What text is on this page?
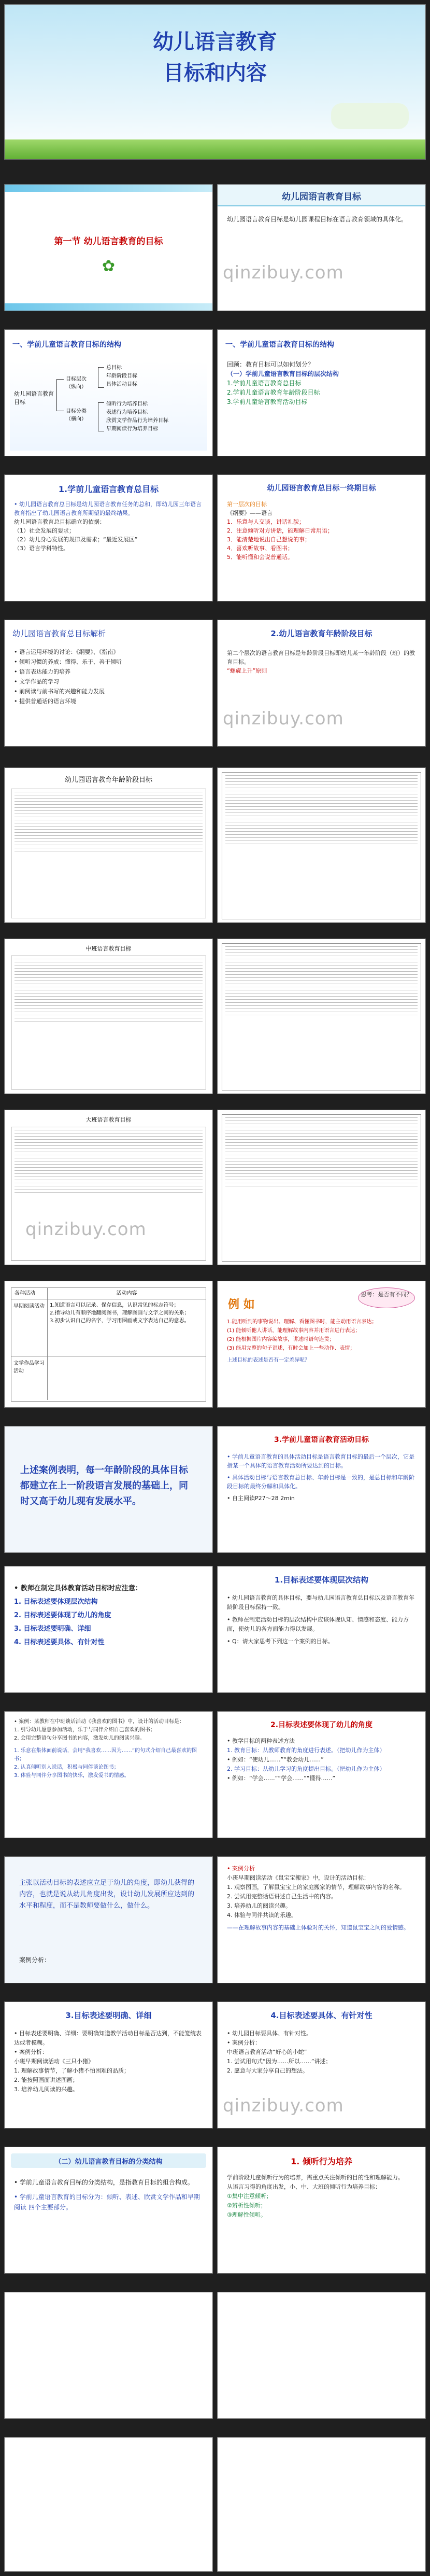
幼儿语言教育
目标和内容
第一节 幼儿语言教育的目标
✿
幼儿园语言教育目标
幼儿园语言教育目标是幼儿园课程目标在语言教育领域的具体化。
qinzibuy.com
一、学前儿童语言教育目标的结构
幼儿园语言教育目标
目标层次（纵向）
目标分类（横向）
总目标
年龄阶段目标
具体活动目标
倾听行为培养目标
表述行为培养目标
欣赏文学作品行为培养目标
早期阅读行为培养目标
一、学前儿童语言教育目标的结构
回顾：教育目标可以如何划分？
（一）学前儿童语言教育目标的层次结构
1.学前儿童语言教育总目标
2.学前儿童语言教育年龄阶段目标
3.学前儿童语言教育活动目标
1.学前儿童语言教育总目标
• 幼儿园语言教育总目标是幼儿园语言教育任务的总和，即幼儿园三年语言教育指出了幼儿园语言教育所期望的最终结果。
幼儿园语言教育总目标确立的依据：
（1）社会发展的要求；
（2）幼儿身心发展的规律及需求；“最近发展区”
（3）语言学科特性。
幼儿园语言教育总目标一终期目标
第一层次的目标
《纲要》——语言
1．乐意与人交谈，讲话礼貌；
2．注意倾听对方讲话，能理解日常用语；
3．能清楚地说出自己想说的事；
4．喜欢听故事、看图书；
5．能听懂和会说普通话。
幼儿园语言教育总目标解析
• 语言运用环境的讨论：《纲要》、《指南》
• 倾听习惯的养成：懂得、乐于、善于倾听
• 语言表达能力的培养
• 文学作品的学习
• 前阅读与前书写的兴趣和能力发展
• 提供普通话的语言环境
2.幼儿语言教育年龄阶段目标
第二个层次的语言教育目标是年龄阶段目标即幼儿某一年龄阶段（班）的教育目标。
“螺旋上升”原则
qinzibuy.com
幼儿园语言教育年龄阶段目标
中班语言教育目标
大班语言教育目标
qinzibuy.com
各种活动	活动内容
早期阅读活动	1.知道语言可以记录、保存信息，认识常见的标志符号；
2.指导幼儿有顺序地翻阅图书，理解图画与文字之间的关系；
3.初步认识自己的名字，学习用图画或文字表达自己的意思。
文学作品学习活动
思考：是否有不同？
例 如
1.能用听到的事物说出、理解、看懂图书时，能主动用语言表达；
(1) 能倾听他人讲话，能理解故事内容并用语言进行表达；
(2) 能根据图片内容编故事，讲述时语句连贯；
(3) 能用完整的句子讲述，有时会加上一些动作、表情；
上述目标的表述是否有一定差异呢？
上述案例表明，每一年龄阶段的具体目标都建立在上一阶段语言发展的基础上，同时又高于幼儿现有发展水平。
3.学前儿童语言教育活动目标
• 学前儿童语言教育的具体活动目标是语言教育目标的最后一个层次，它是指某一个具体的语言教育活动所要达到的目标。
• 具体活动目标与语言教育总目标、年龄目标是一致的，是总目标和年龄阶段目标的最终分解和具体化。
• 自主阅读P27～28 2min
• 教师在制定具体教育活动目标时应注意：
1. 目标表述要体现层次结构
2. 目标表述要体现了幼儿的角度
3. 目标表述要明确、详细
4. 目标表述要具体、有针对性
1.目标表述要体现层次结构
• 幼儿园语言教育的具体目标，要与幼儿园语言教育总目标以及语言教育年龄阶段目标保持一致。
• 教师在制定活动目标的层次结构中应该体现认知、情感和态度、能力方面，使幼儿的各方面能力得以发展。
• Q：请大家思考下列这一个案例的目标。
• 案例：某教师在中班谈话活动《我喜欢的图书》中，设计的活动目标是：
1. 引导幼儿愿意参加活动，乐于与同伴介绍自己喜欢的图书；
2. 会用完整语句分享图书的内容，激发幼儿的阅读兴趣。
1. 乐意在集体面前说话，会用“我喜欢……因为……”的句式介绍自己最喜欢的图书；
2. 认真倾听别人说话，积极与同伴谈论图书；
3. 体验与同伴分享图书的快乐，激发爱书的情感。
2.目标表述要体现了幼儿的角度
• 教学目标的两种表述方法
1. 教育目标：从教师教育的角度进行表述。（把幼儿作为主体）
• 例如：“使幼儿……”“教会幼儿……”
2. 学习目标：从幼儿学习的角度提出目标。（把幼儿作为主体）
• 例如：“学会……”“学会……”“懂得……”
主张以活动目标的表述应立足于幼儿的角度，即幼儿获得的内容，也就是说从幼儿角度出发，设计幼儿发展所应达到的水平和程度，而不是教师要做什么，做什么。
案例分析：
• 案例分析
小班早期阅读活动《鼠宝宝搬家》中，设计的活动目标：
1. 观察图画，了解鼠宝宝上的家庭搬家的情节，理解故事内容的名称。
2. 尝试用完整话语讲述自己生活中的内容。
3. 培养幼儿的阅读兴趣。
4. 体验与同伴共读的乐趣。
——在理解故事内容的基础上体验对的关怀，知道鼠宝宝之间的爱情感。
3.目标表述要明确、详细
• 目标表述要明确、详细：要明确知道教学活动目标是否达到，不能笼统表达或者模糊。
• 案例分析：
小班早期阅读活动《三只小猪》
1. 理解故事情节，了解小猪不怕困难的品质；
2. 能按照画面讲述图画；
3. 培养幼儿阅读的兴趣。
4.目标表述要具体、有针对性
• 幼儿园目标要具体、有针对性。
• 案例分析：
中班语言教育活动“好心的小蛇”
1. 尝试用句式“因为……所以……”讲述；
2. 愿意与大家分享自己的想法。
qinzibuy.com
（二）幼儿语言教育目标的分类结构
• 学前儿童语言教育目标的分类结构，是指教育目标的组合构成。
• 学前儿童语言教育的目标分为：倾听、表述、欣赏文学作品和早期阅读 四个主要部分。
1. 倾听行为培养
学前阶段儿童倾听行为的培养，需重点关注倾听的目的性和理解能力。
从语言习得的角度出发，小、中、大班的倾听行为培养目标：
①集中注意倾听；
②辨析性倾听；
③理解性倾听。
